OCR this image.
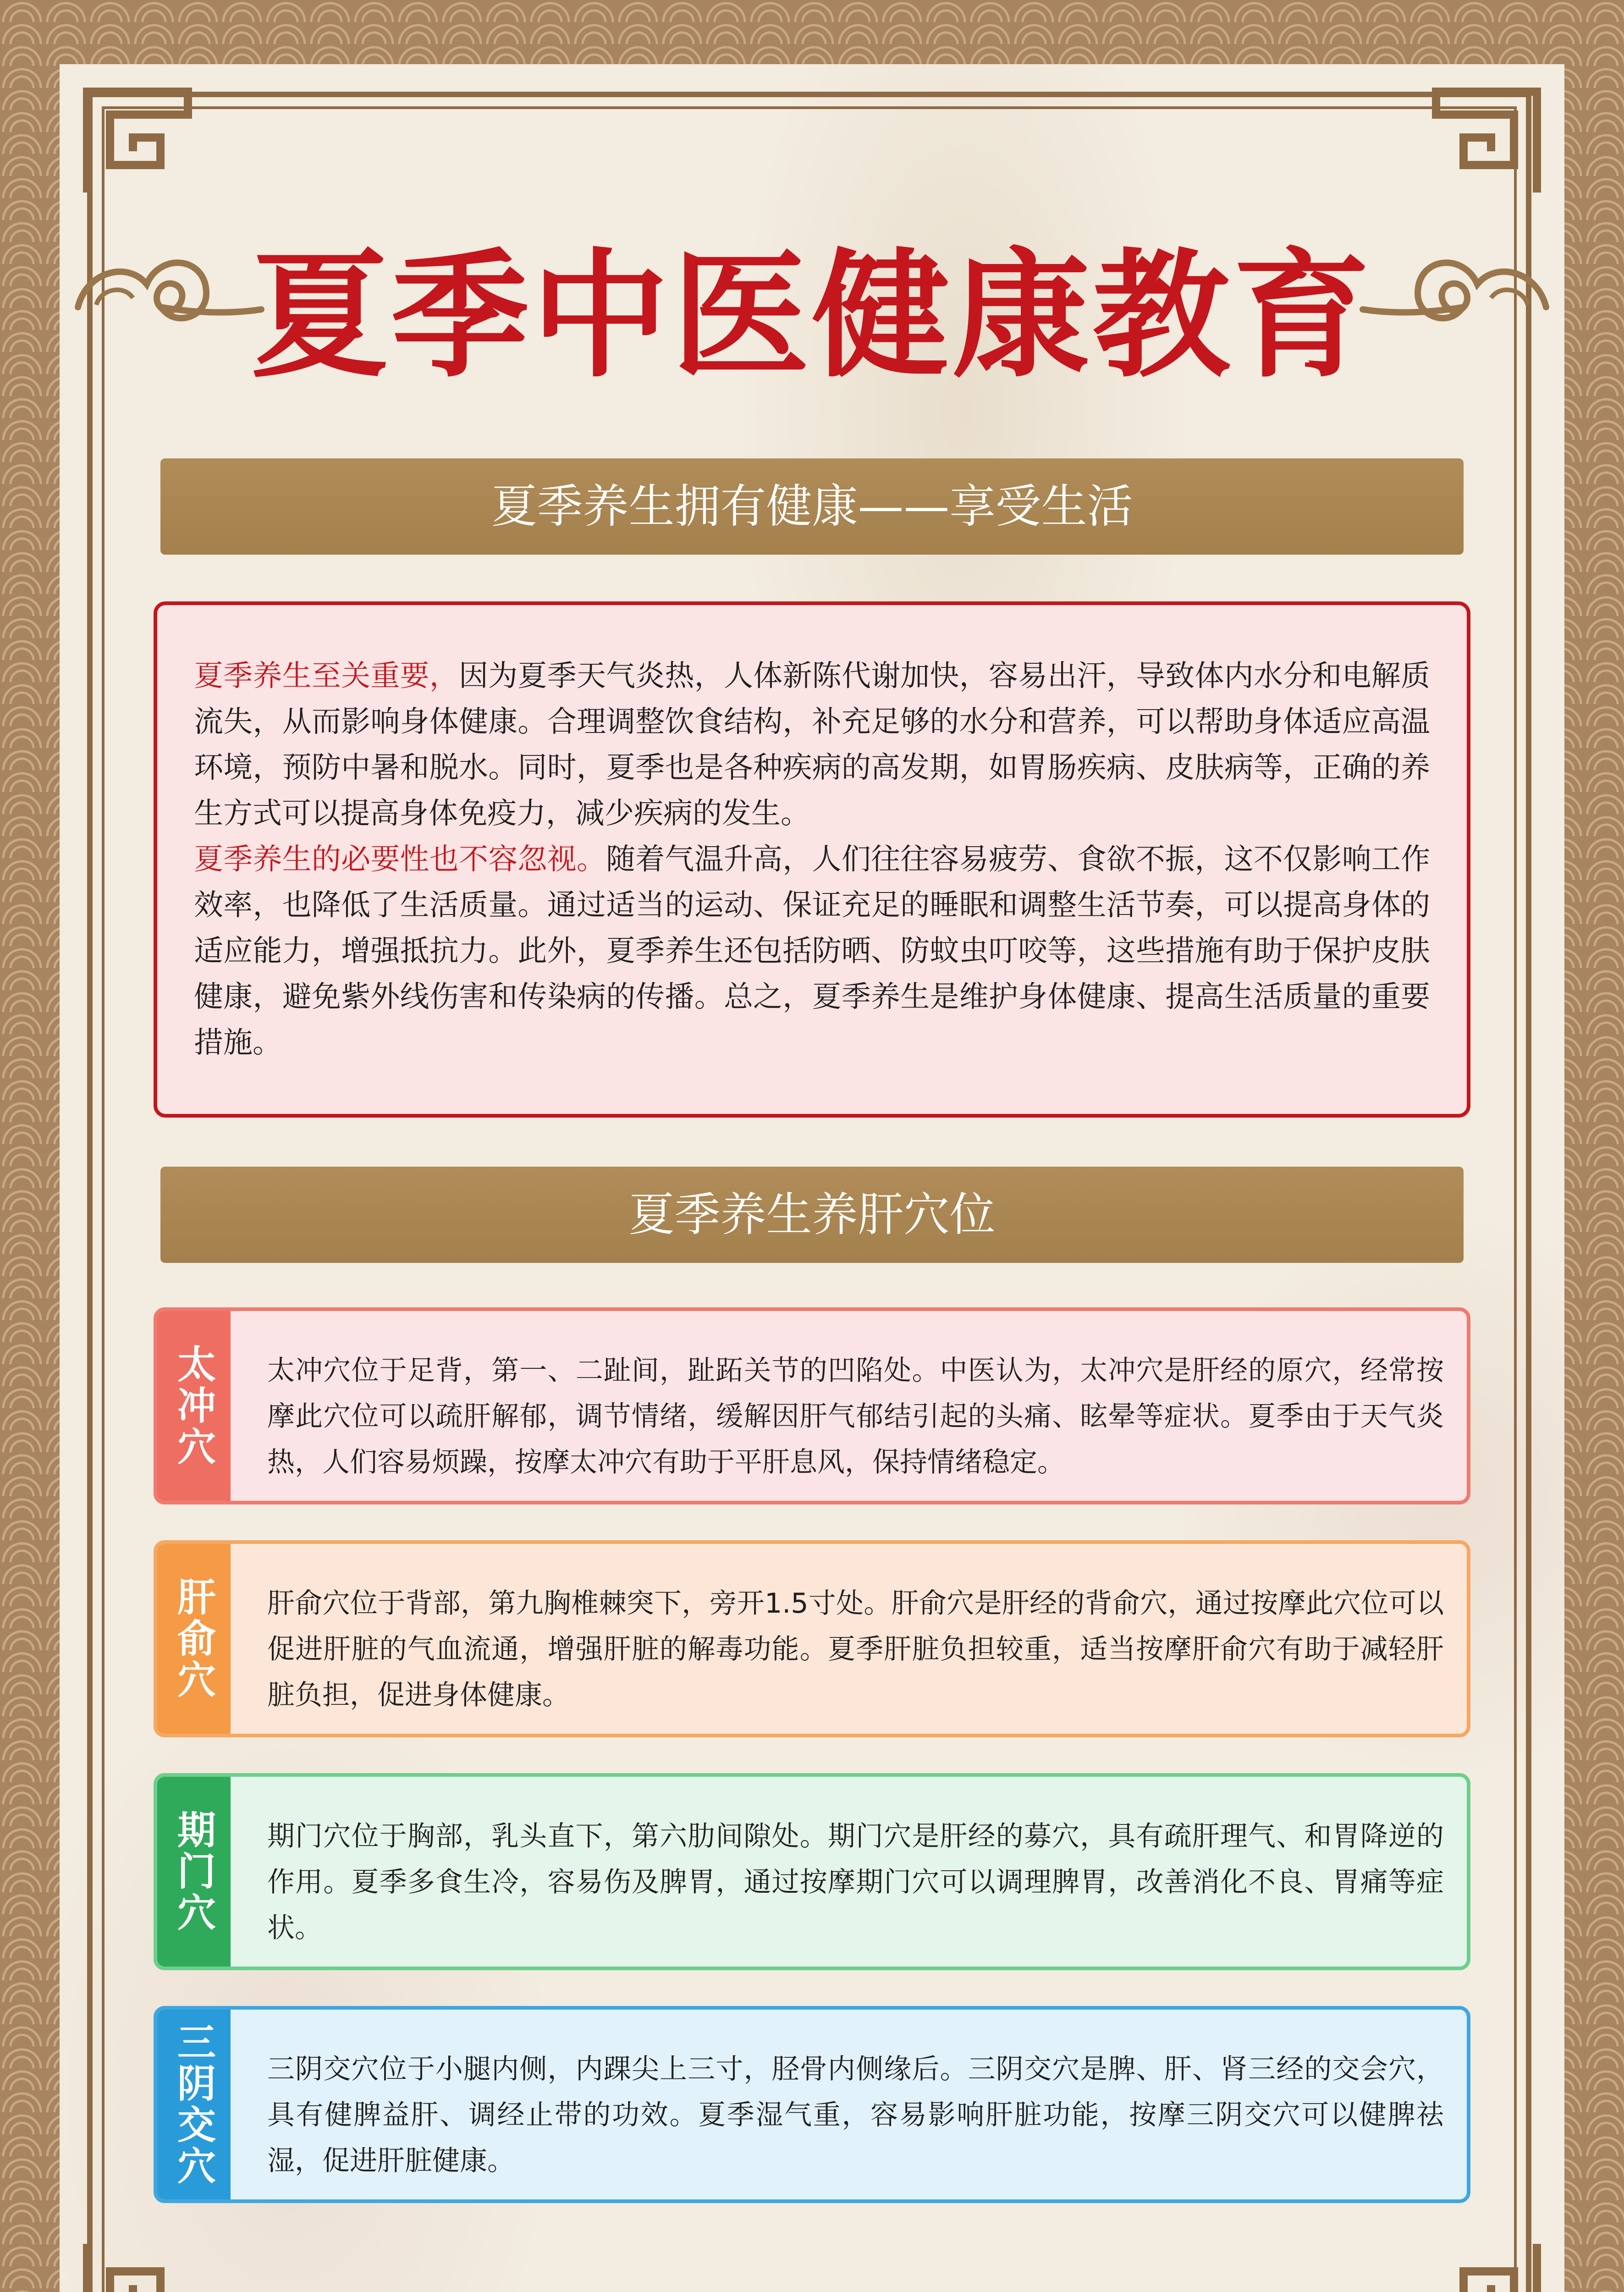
夏季中医健康教育
夏季养生拥有健康——享受生活

夏季养生至关重要，因为夏季天气炎热，人体新陈代谢加快，容易出汗，导致体内水分和电解质流失，从而影响身体健康。合理调整饮食结构，补充足够的水分和营养，可以帮助身体适应高温环境，预防中暑和脱水。同时，夏季也是各种疾病的高发期，如胃肠疾病、皮肤病等，正确的养生方式可以提高身体免疫力，减少疾病的发生。

夏季养生的必要性也不容忽视。随着气温升高，人们往往容易疲劳、食欲不振，这不仅影响工作效率，也降低了生活质量。通过适当的运动、保证充足的睡眠和调整生活节奏，可以提高身体的适应能力，增强抵抗力。此外，夏季养生还包括防晒、防蚊虫叮咬等，这些措施有助于保护皮肤健康，避免紫外线伤害和传染病的传播。总之，夏季养生是维护身体健康、提高生活质量的重要措施。

夏季养生养肝穴位
太冲穴	太冲穴位于足背，第一、二趾间，趾跖关节的凹陷处。中医认为，太冲穴是肝经的原穴，经常按摩此穴位可以疏肝解郁，调节情绪，缓解因肝气郁结引起的头痛、眩晕等症状。夏季由于天气炎热，人们容易烦躁，按摩太冲穴有助于平肝息风，保持情绪稳定。
肝俞穴	肝俞穴位于背部，第九胸椎棘突下，旁开1.5寸处。肝俞穴是肝经的背俞穴，通过按摩此穴位可以促进肝脏的气血流通，增强肝脏的解毒功能。夏季肝脏负担较重，适当按摩肝俞穴有助于减轻肝脏负担，促进身体健康。
期门穴	期门穴位于胸部，乳头直下，第六肋间隙处。期门穴是肝经的募穴，具有疏肝理气、和胃降逆的作用。夏季多食生冷，容易伤及脾胃，通过按摩期门穴可以调理脾胃，改善消化不良、胃痛等症状。
三阴交穴	三阴交穴位于小腿内侧，内踝尖上三寸，胫骨内侧缘后。三阴交穴是脾、肝、肾三经的交会穴，具有健脾益肝、调经止带的功效。夏季湿气重，容易影响肝脏功能，按摩三阴交穴可以健脾祛湿，促进肝脏健康。
